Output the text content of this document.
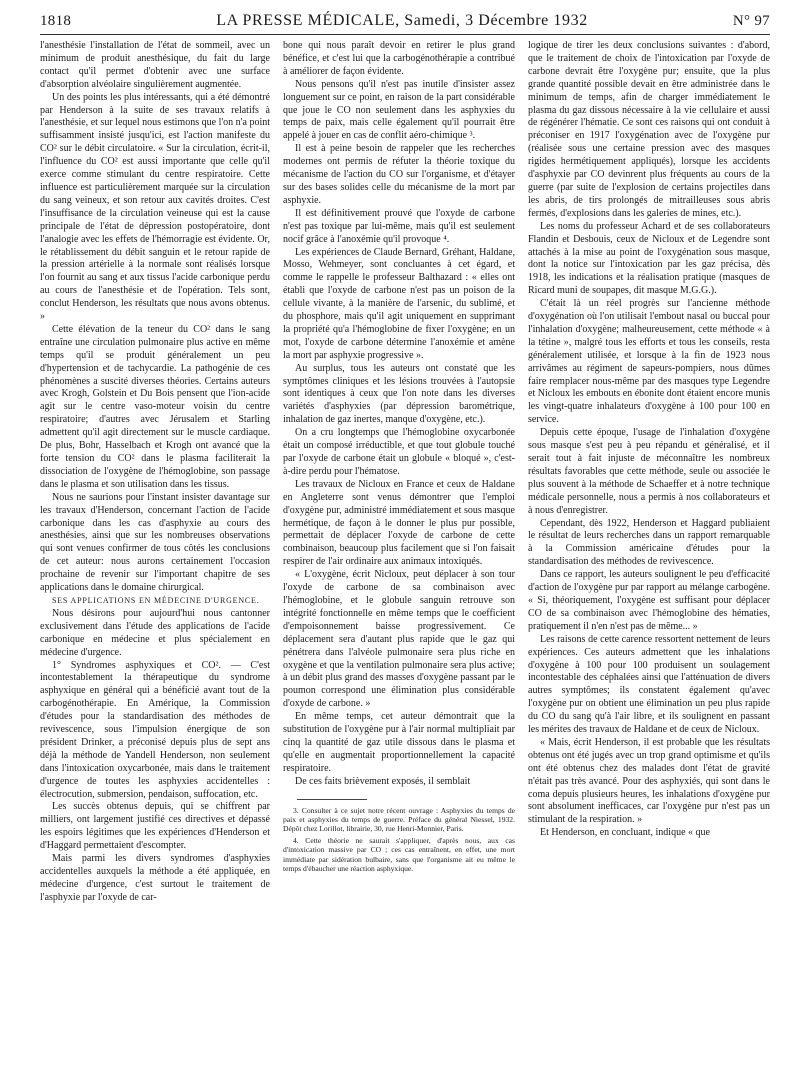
1818	LA PRESSE MÉDICALE, Samedi, 3 Décembre 1932	N° 97

l'anesthésie l'installation de l'état de sommeil, avec un minimum de produit anesthésique, du fait du large contact qu'il permet d'obtenir avec une surface d'absorption alvéolaire singulièrement augmentée.

Un des points les plus intéressants, qui a été démontré par Henderson à la suite de ses travaux relatifs à l'anesthésie, et sur lequel nous estimons que l'on n'a point suffisamment insisté jusqu'ici, est l'action manifeste du CO² sur le débit circulatoire. « Sur la circulation, écrit-il, l'influence du CO² est aussi importante que celle qu'il exerce comme stimulant du centre respiratoire. Cette influence est particulièrement marquée sur la circulation du sang veineux, et son retour aux cavités droites. C'est l'insuffisance de la circulation veineuse qui est la cause principale de l'état de dépression postopératoire, dont l'analogie avec les effets de l'hémorragie est évidente. Or, le rétablissement du débit sanguin et le retour rapide de la pression artérielle à la normale sont réalisés lorsque l'on fournit au sang et aux tissus l'acide carbonique perdu au cours de l'anesthésie et de l'opération. Tels sont, conclut Henderson, les résultats que nous avons obtenus. »

Cette élévation de la teneur du CO² dans le sang entraîne une circulation pulmonaire plus active en même temps qu'il se produit généralement un peu d'hypertension et de tachycardie. La pathogénie de ces phénomènes a suscité diverses théories. Certains auteurs avec Krogh, Golstein et Du Bois pensent que l'ion-acide agit sur le centre vaso-moteur voisin du centre respiratoire; d'autres avec Jérusalem et Starling admettent qu'il agit directement sur le muscle cardiaque. De plus, Bohr, Hasselbach et Krogh ont avancé que la forte tension du CO² dans le plasma faciliterait la dissociation de l'oxygène de l'hémoglobine, son passage dans le plasma et son utilisation dans les tissus.

Nous ne saurions pour l'instant insister davantage sur les travaux d'Henderson, concernant l'action de l'acide carbonique dans les cas d'asphyxie au cours des anesthésies, ainsi que sur les nombreuses observations qui sont venues confirmer de tous côtés les conclusions de cet auteur: nous aurons certainement l'occasion prochaine de revenir sur l'important chapitre de ses applications dans le domaine chirurgical.

SES APPLICATIONS EN MÉDECINE D'URGENCE.

Nous désirons pour aujourd'hui nous cantonner exclusivement dans l'étude des applications de l'acide carbonique en médecine et plus spécialement en médecine d'urgence.

1° Syndromes asphyxiques et CO². — C'est incontestablement la thérapeutique du syndrome asphyxique en général qui a bénéficié avant tout de la carbogénothérapie. En Amérique, la Commission d'études pour la standardisation des méthodes de revivescence, sous l'impulsion énergique de son président Drinker, a préconisé depuis plus de sept ans déjà la méthode de Yandell Henderson, non seulement dans l'intoxication oxycarbonée, mais dans le traitement d'urgence de toutes les asphyxies accidentelles : électrocution, submersion, pendaison, suffocation, etc.

Les succès obtenus depuis, qui se chiffrent par milliers, ont largement justifié ces directives et dépassé les espoirs légitimes que les expériences d'Henderson et d'Haggard permettaient d'escompter.

Mais parmi les divers syndromes d'asphyxies accidentelles auxquels la méthode a été appliquée, en médecine d'urgence, c'est surtout le traitement de l'asphyxie par l'oxyde de car-

bone qui nous paraît devoir en retirer le plus grand bénéfice, et c'est lui que la carbogénothérapie a contribué à améliorer de façon évidente.

Nous pensons qu'il n'est pas inutile d'insister assez longuement sur ce point, en raison de la part considérable que joue le CO non seulement dans les asphyxies du temps de paix, mais celle également qu'il pourrait être appelé à jouer en cas de conflit aéro-chimique ³.

Il est à peine besoin de rappeler que les recherches modernes ont permis de réfuter la théorie toxique du mécanisme de l'action du CO sur l'organisme, et d'étayer sur des bases solides celle du mécanisme de la mort par asphyxie.

Il est définitivement prouvé que l'oxyde de carbone n'est pas toxique par lui-même, mais qu'il est seulement nocif grâce à l'anoxémie qu'il provoque ⁴.

Les expériences de Claude Bernard, Gréhant, Haldane, Mosso, Wehmeyer, sont concluantes à cet égard, et comme le rappelle le professeur Balthazard : « elles ont établi que l'oxyde de carbone n'est pas un poison de la cellule vivante, à la manière de l'arsenic, du sublimé, et du phosphore, mais qu'il agit uniquement en supprimant la propriété qu'a l'hémoglobine de fixer l'oxygène; en un mot, l'oxyde de carbone détermine l'anoxémie et amène la mort par asphyxie progressive ».

Au surplus, tous les auteurs ont constaté que les symptômes cliniques et les lésions trouvées à l'autopsie sont identiques à ceux que l'on note dans les diverses variétés d'asphyxies (par dépression barométrique, inhalation de gaz inertes, manque d'oxygène, etc.).

On a cru longtemps que l'hémoglobine oxycarbonée était un composé irréductible, et que tout globule touché par l'oxyde de carbone était un globule « bloqué », c'est-à-dire perdu pour l'hématose.

Les travaux de Nicloux en France et ceux de Haldane en Angleterre sont venus démontrer que l'emploi d'oxygène pur, administré immédiatement et sous masque hermétique, de façon à le donner le plus pur possible, permettait de déplacer l'oxyde de carbone de cette combinaison, beaucoup plus facilement que si l'on faisait respirer de l'air ordinaire aux animaux intoxiqués.

« L'oxygène, écrit Nicloux, peut déplacer à son tour l'oxyde de carbone de sa combinaison avec l'hémoglobine, et le globule sanguin retrouve son intégrité fonctionnelle en même temps que le coefficient d'empoisonnement baisse progressivement. Ce déplacement sera d'autant plus rapide que le gaz qui pénétrera dans l'alvéole pulmonaire sera plus riche en oxygène et que la ventilation pulmonaire sera plus active; à un débit plus grand des masses d'oxygène passant par le poumon correspond une élimination plus considérable d'oxyde de carbone. »

En même temps, cet auteur démontrait que la substitution de l'oxygène pur à l'air normal multipliait par cinq la quantité de gaz utile dissous dans le plasma et qu'elle en augmentait proportionnellement la capacité respiratoire.

De ces faits brièvement exposés, il semblait

3. Consulter à ce sujet notre récent ouvrage : Asphyxies du temps de paix et asphyxies du temps de guerre. Préface du général Niessel, 1932. Dépôt chez Lorillot, librairie, 30, rue Henri-Monnier, Paris.

4. Cette théorie ne saurait s'appliquer, d'après nous, aux cas d'intoxication massive par CO ; ces cas entraînent, en effet, une mort immédiate par sidération bulbaire, sans que l'organisme ait eu même le temps d'ébaucher une réaction asphyxique.

logique de tirer les deux conclusions suivantes : d'abord, que le traitement de choix de l'intoxication par l'oxyde de carbone devrait être l'oxygène pur; ensuite, que la plus grande quantité possible devait en être administrée dans le minimum de temps, afin de charger immédiatement le plasma du gaz dissous nécessaire à la vie cellulaire et aussi de régénérer l'hématie. Ce sont ces raisons qui ont conduit à préconiser en 1917 l'oxygénation avec de l'oxygène pur (réalisée sous une certaine pression avec des masques rigides hermétiquement appliqués), lorsque les accidents d'asphyxie par CO devinrent plus fréquents au cours de la guerre (par suite de l'explosion de certains projectiles dans les abris, de tirs prolongés de mitrailleuses sous abris fermés, d'explosions dans les galeries de mines, etc.).

Les noms du professeur Achard et de ses collaborateurs Flandin et Desbouis, ceux de Nicloux et de Legendre sont attachés à la mise au point de l'oxygénation sous masque, dont la notice sur l'intoxication par les gaz précisa, dès 1918, les indications et la réalisation pratique (masques de Ricard muni de soupapes, dit masque M.G.G.).

C'était là un réel progrès sur l'ancienne méthode d'oxygénation où l'on utilisait l'embout nasal ou buccal pour l'inhalation d'oxygène; malheureusement, cette méthode « à la tétine », malgré tous les efforts et tous les conseils, resta généralement utilisée, et lorsque à la fin de 1923 nous arrivâmes au régiment de sapeurs-pompiers, nous dûmes faire remplacer nous-même par des masques type Legendre et Nicloux les embouts en ébonite dont étaient encore munis les vingt-quatre inhalateurs d'oxygène à 100 pour 100 en service.

Depuis cette époque, l'usage de l'inhalation d'oxygène sous masque s'est peu à peu répandu et généralisé, et il serait tout à fait injuste de méconnaître les nombreux résultats favorables que cette méthode, seule ou associée le plus souvent à la méthode de Schaeffer et à notre technique médicale personnelle, nous a permis à nos collaborateurs et à nous d'enregistrer.

Cependant, dès 1922, Henderson et Haggard publiaient le résultat de leurs recherches dans un rapport remarquable à la Commission américaine d'études pour la standardisation des méthodes de revivescence.

Dans ce rapport, les auteurs soulignent le peu d'efficacité d'action de l'oxygène pur par rapport au mélange carbogène. « Si, théoriquement, l'oxygène est suffisant pour déplacer CO de sa combinaison avec l'hémoglobine des hématies, pratiquement il n'en n'est pas de même... »

Les raisons de cette carence ressortent nettement de leurs expériences. Ces auteurs admettent que les inhalations d'oxygène à 100 pour 100 produisent un soulagement incontestable des céphalées ainsi que l'atténuation de divers autres symptômes; ils constatent également qu'avec l'oxygène pur on obtient une élimination un peu plus rapide du CO du sang qu'à l'air libre, et ils soulignent en passant les mérites des travaux de Haldane et de ceux de Nicloux.

« Mais, écrit Henderson, il est probable que les résultats obtenus ont été jugés avec un trop grand optimisme et qu'ils ont été obtenus chez des malades dont l'état de gravité n'était pas très avancé. Pour des asphyxiés, qui sont dans le coma depuis plusieurs heures, les inhalations d'oxygène pur sont absolument inefficaces, car l'oxygène pur n'est pas un stimulant de la respiration. »

Et Henderson, en concluant, indique « que
